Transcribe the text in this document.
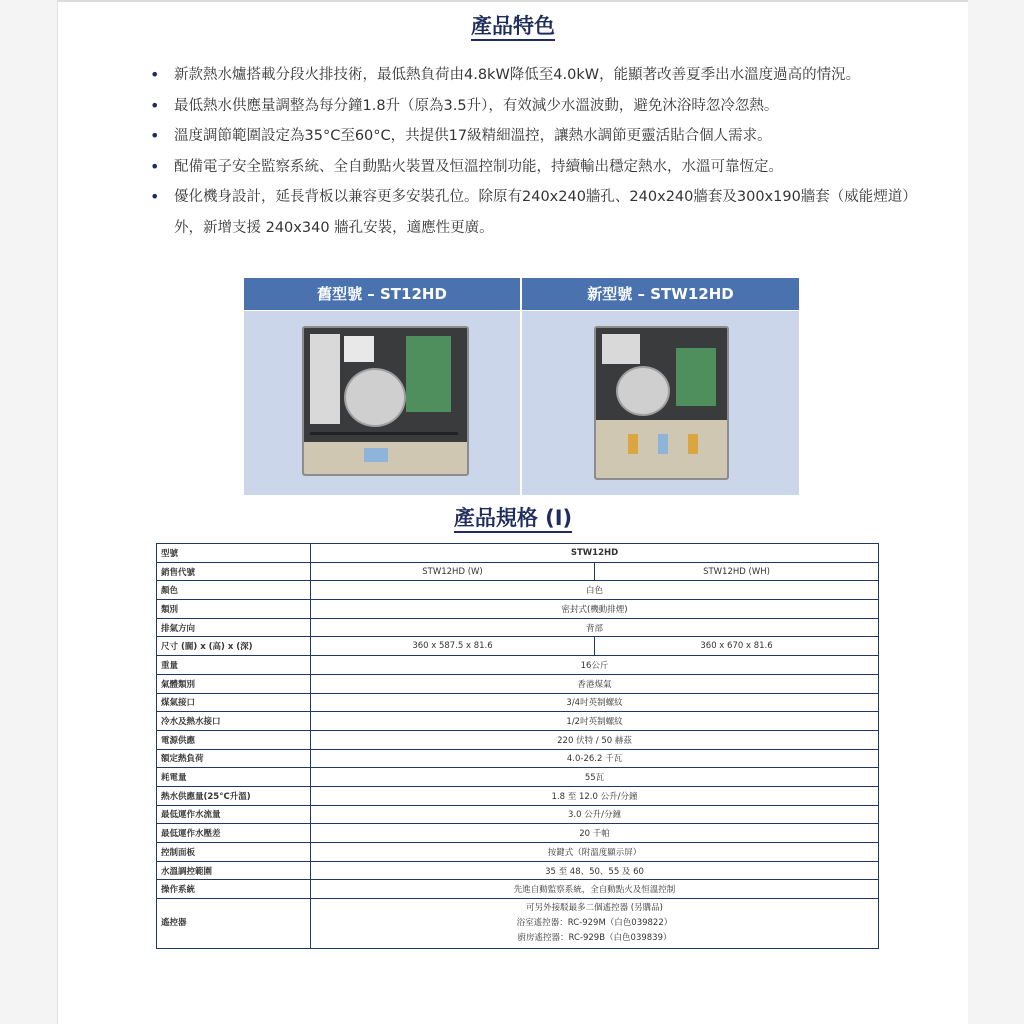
產品特色
• 新款熱水爐搭載分段火排技術，最低熱負荷由4.8kW降低至4.0kW，能顯著改善夏季出水溫度過高的情況。
• 最低熱水供應量調整為每分鐘1.8升（原為3.5升），有效減少水溫波動，避免沐浴時忽冷忽熱。
• 溫度調節範圍設定為35°C至60°C，共提供17級精細溫控，讓熱水調節更靈活貼合個人需求。
• 配備電子安全監察系統、全自動點火裝置及恒溫控制功能，持續輸出穩定熱水，水溫可靠恆定。
• 優化機身設計，延長背板以兼容更多安裝孔位。除原有240x240牆孔、240x240牆套及300x190牆套（威能煙道）外，新增支援 240x340 牆孔安裝，適應性更廣。
舊型號 – ST12HD	新型號 – STW12HD
產品規格 (I)
型號	STW12HD	
銷售代號	STW12HD (W)	STW12HD (WH)
顏色	白色	
類別	密封式(機動排煙)	
排氣方向	背部	
尺寸 (闊) x (高) x (深)	360 x 587.5 x 81.6	360 x 670 x 81.6
重量	16公斤	
氣體類別	香港煤氣	
煤氣接口	3/4吋英制螺紋	
冷水及熱水接口	1/2吋英制螺紋	
電源供應	220 伏特 / 50 赫茲	
額定熱負荷	4.0-26.2 千瓦	
耗電量	55瓦	
熱水供應量(25°C升溫)	1.8 至 12.0 公升/分鐘	
最低運作水流量	3.0 公升/分鐘	
最低運作水壓差	20 千帕	
控制面板	按鍵式（附溫度顯示屏）	
水溫調控範圍	35 至 48、50、55 及 60	
操作系統	先進自動監察系統，全自動點火及恒溫控制	
遙控器	可另外接駁最多二個遙控器 (另購品)
浴室遙控器：RC-929M（白色039822）
廚房遙控器：RC-929B（白色039839）	
